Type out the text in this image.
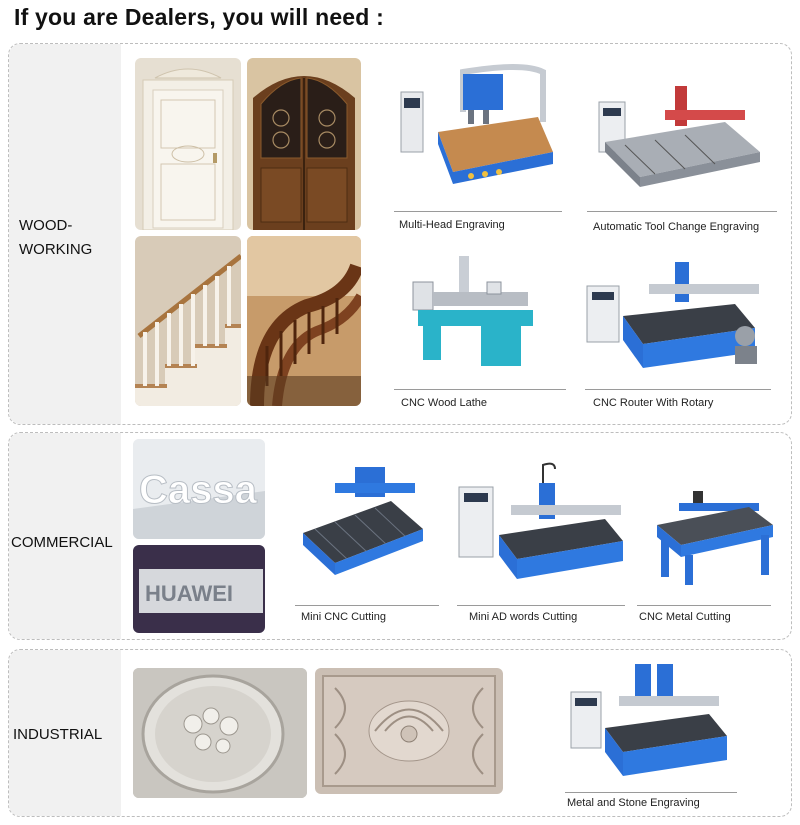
If you are Dealers, you will need :
WOOD-
WORKING
Multi-Head Engraving	Automatic Tool Change Engraving
CNC Wood Lathe	CNC Router With Rotary
COMMERCIAL
Cassa
HUAWEI
Mini CNC Cutting	Mini AD words Cutting	CNC Metal Cutting
INDUSTRIAL
Metal and Stone Engraving
